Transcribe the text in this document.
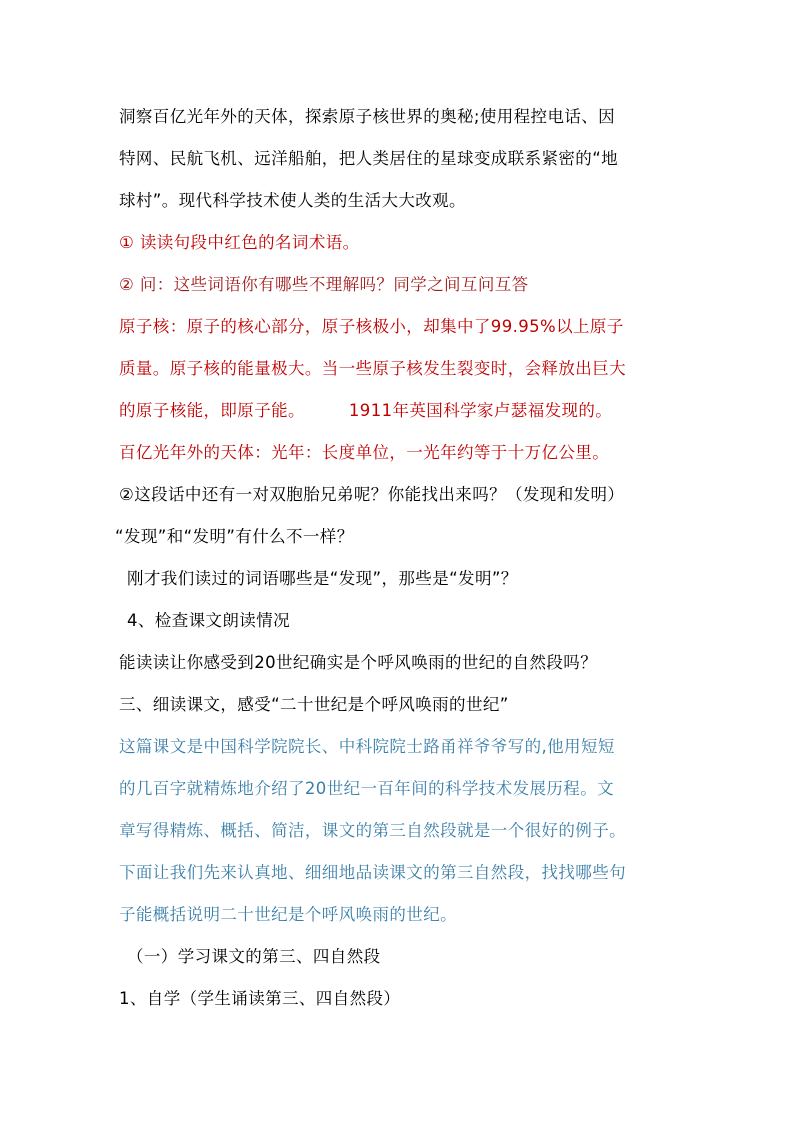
洞察百亿光年外的天体，探索原子核世界的奥秘;使用程控电话、因
特网、民航飞机、远洋船舶，把人类居住的星球变成联系紧密的“地
球村”。现代科学技术使人类的生活大大改观。
① 读读句段中红色的名词术语。
② 问：这些词语你有哪些不理解吗？同学之间互问互答
原子核：原子的核心部分，原子核极小，却集中了99.95%以上原子
质量。原子核的能量极大。当一些原子核发生裂变时，会释放出巨大
的原子核能，即原子能。	1911年英国科学家卢瑟福发现的。
百亿光年外的天体：光年：长度单位，一光年约等于十万亿公里。
②这段话中还有一对双胞胎兄弟呢？你能找出来吗？（发现和发明）
“发现”和“发明”有什么不一样？
刚才我们读过的词语哪些是“发现”，那些是“发明”？
4、检查课文朗读情况
能读读让你感受到20世纪确实是个呼风唤雨的世纪的自然段吗？
三、细读课文，感受“二十世纪是个呼风唤雨的世纪”
这篇课文是中国科学院院长、中科院院士路甬祥爷爷写的,他用短短
的几百字就精炼地介绍了20世纪一百年间的科学技术发展历程。文
章写得精炼、概括、简洁，课文的第三自然段就是一个很好的例子。
下面让我们先来认真地、细细地品读课文的第三自然段，找找哪些句
子能概括说明二十世纪是个呼风唤雨的世纪。
（一）学习课文的第三、四自然段
1、自学（学生诵读第三、四自然段）
